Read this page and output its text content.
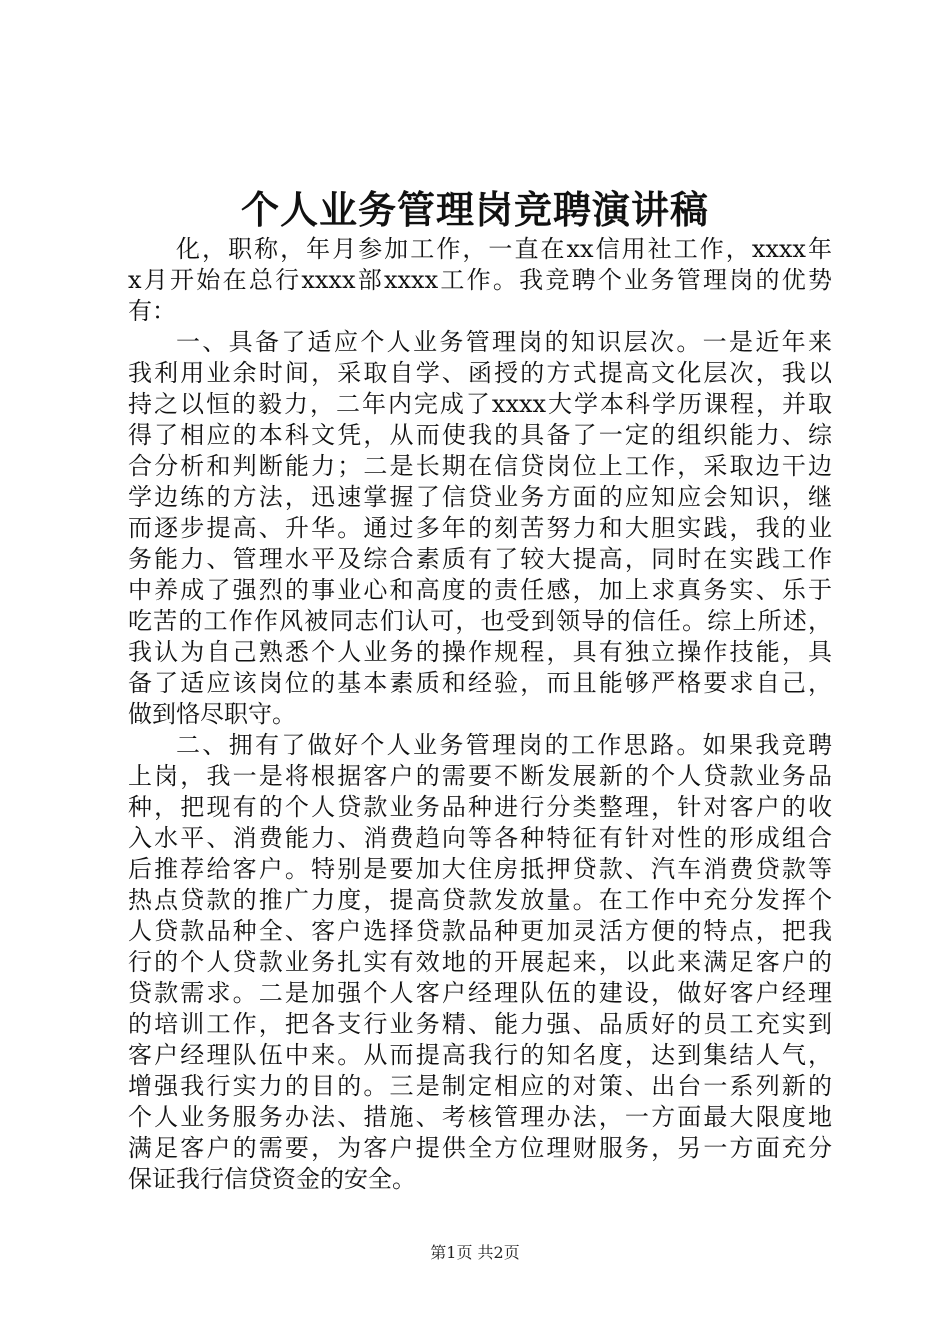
个人业务管理岗竞聘演讲稿
化，职称，年月参加工作，一直在xx信用社工作，xxxx年
x月开始在总行xxxx部xxxx工作。我竞聘个业务管理岗的优势
有：
一、具备了适应个人业务管理岗的知识层次。一是近年来
我利用业余时间，采取自学、函授的方式提高文化层次，我以
持之以恒的毅力，二年内完成了xxxx大学本科学历课程，并取
得了相应的本科文凭，从而使我的具备了一定的组织能力、综
合分析和判断能力；二是长期在信贷岗位上工作，采取边干边
学边练的方法，迅速掌握了信贷业务方面的应知应会知识，继
而逐步提高、升华。通过多年的刻苦努力和大胆实践，我的业
务能力、管理水平及综合素质有了较大提高，同时在实践工作
中养成了强烈的事业心和高度的责任感，加上求真务实、乐于
吃苦的工作作风被同志们认可，也受到领导的信任。综上所述，
我认为自己熟悉个人业务的操作规程，具有独立操作技能，具
备了适应该岗位的基本素质和经验，而且能够严格要求自己，
做到恪尽职守。
二、拥有了做好个人业务管理岗的工作思路。如果我竞聘
上岗，我一是将根据客户的需要不断发展新的个人贷款业务品
种，把现有的个人贷款业务品种进行分类整理，针对客户的收
入水平、消费能力、消费趋向等各种特征有针对性的形成组合
后推荐给客户。特别是要加大住房抵押贷款、汽车消费贷款等
热点贷款的推广力度，提高贷款发放量。在工作中充分发挥个
人贷款品种全、客户选择贷款品种更加灵活方便的特点，把我
行的个人贷款业务扎实有效地的开展起来，以此来满足客户的
贷款需求。二是加强个人客户经理队伍的建设，做好客户经理
的培训工作，把各支行业务精、能力强、品质好的员工充实到
客户经理队伍中来。从而提高我行的知名度，达到集结人气，
增强我行实力的目的。三是制定相应的对策、出台一系列新的
个人业务服务办法、措施、考核管理办法，一方面最大限度地
满足客户的需要，为客户提供全方位理财服务，另一方面充分
保证我行信贷资金的安全。
第1页 共2页
